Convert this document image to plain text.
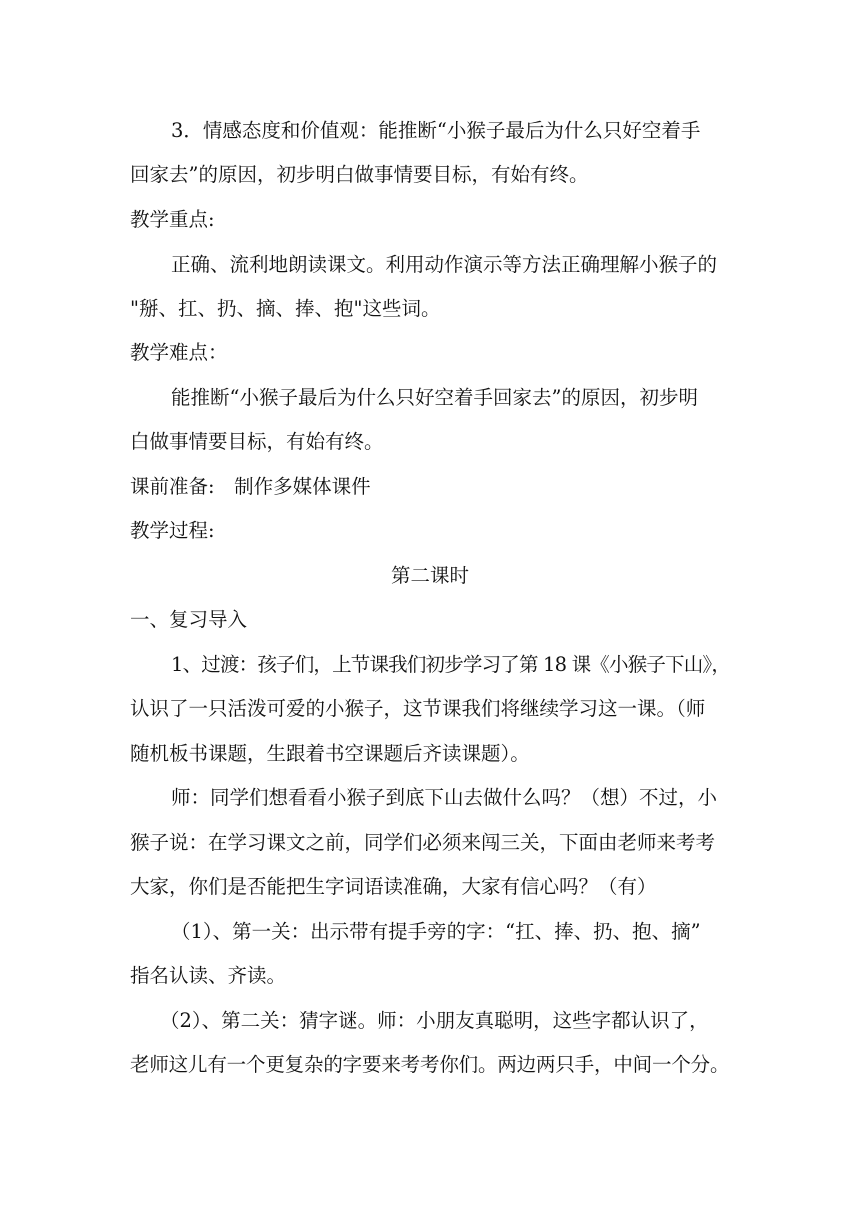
3．情感态度和价值观：能推断“小猴子最后为什么只好空着手
回家去”的原因，初步明白做事情要目标，有始有终。
教学重点:
正确、流利地朗读课文。利用动作演示等方法正确理解小猴子的
"掰、扛、扔、摘、捧、抱"这些词。
教学难点：
能推断“小猴子最后为什么只好空着手回家去”的原因，初步明
白做事情要目标，有始有终。
课前准备:　制作多媒体课件
教学过程:
第二课时
一、复习导入
1、过渡：孩子们，上节课我们初步学习了第 18 课《小猴子下山》，
认识了一只活泼可爱的小猴子，这节课我们将继续学习这一课。（师
随机板书课题，生跟着书空课题后齐读课题）。
师：同学们想看看小猴子到底下山去做什么吗？（想）不过，小
猴子说：在学习课文之前，同学们必须来闯三关，下面由老师来考考
大家，你们是否能把生字词语读准确，大家有信心吗？（有）
（1）、第一关：出示带有提手旁的字：“扛、捧、扔、抱、摘”
指名认读、齐读。
（2）、第二关：猜字谜。师：小朋友真聪明，这些字都认识了，
老师这儿有一个更复杂的字要来考考你们。两边两只手，中间一个分。
